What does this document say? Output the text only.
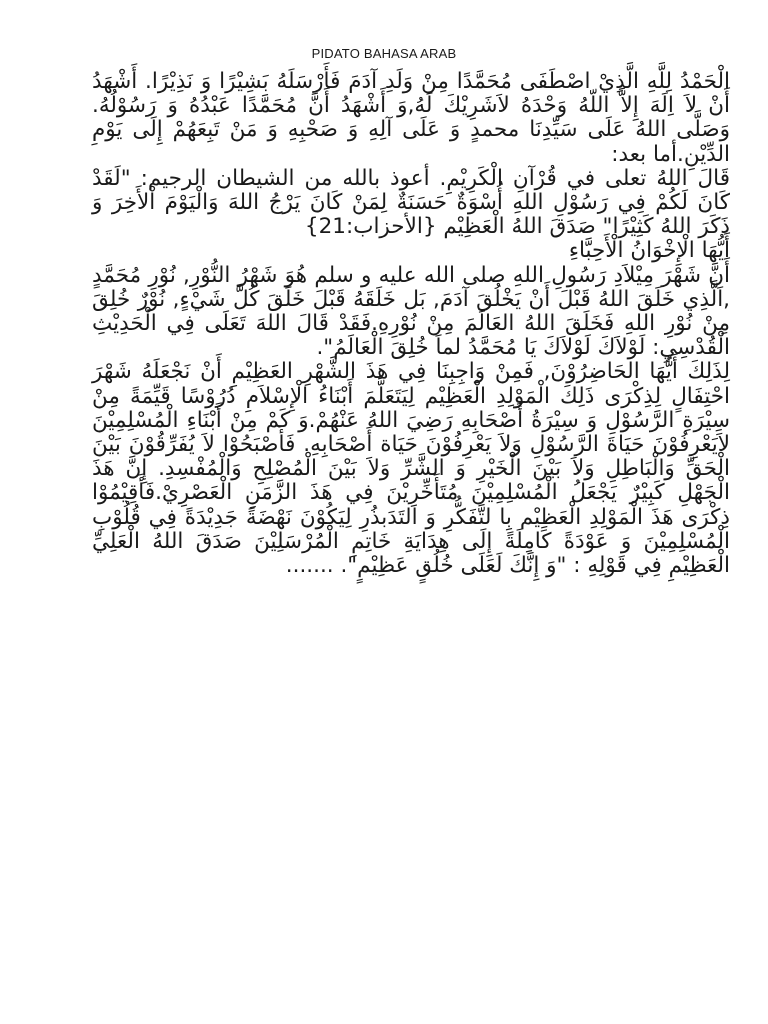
PIDATO BAHASA ARAB

الْحَمْدُ لِلَّهِ الَّذِيْ اصْطَفَى مُحَمَّدًا مِنْ وَلَدِ آدَمَ فَأَرْسَلَهُ بَشِيْرًا وَ نَذِيْرًا. أَشْهَدُ أَنْ لاَ اِلَهَ إِلاَّ اللّهُ وَحْدَهُ لاَشَرِيْكَ لَهُ,وَ أَشْهَدُ أَنَّ مُحَمَّدًا عَبْدُهُ وَ رَسُوْلُهُ. وَصَلَّى اللهُ عَلَى سَيِّدِنَا محمدٍ وَ عَلَى آلِهِ وَ صَحْبِهِ وَ مَنْ تَبِعَهُمْ إِلَى يَوْمِ الدِّيْنِ.أما بعد:

قَالَ اللهُ تعلى في قُرْآنِ الْكَرِيْمِ. أعوذ بالله من الشيطان الرجيم: "لَقَدْ كَانَ لَكُمْ فِي رَسُوْلِ اللهِ أُسْوَةٌ حَسَنَةٌ لِمَنْ كَانَ يَرْجُ اللهَ وَالْيَوْمَ اْلأَخِرَ وَ ذَكَرَ اللهُ كَثِيْرًا" صَدَقَ اللهُ الْعَظِيْم {الأحزاب:21}

أَيُّهَا الْإِخْوَانُ الْأَحِبَّاءِ

أَنَّ شَهْرَ مِيْلاَدِ رَسُولِ اللهِ صلى الله عليه و سلم هُوَ شَهْرُ النُّوْرِ, نُوْرِ مُحَمَّدٍ ,اَلَّذِي خَلَقَ اللهُ قَبْلَ أَنْ يَخْلُقَ آدَمَ, بَل خَلَقَهُ قَبْلَ خَلَقَ كُلَّ شَيْءٍ, نُوْرٌ خُلِقَ مِنْ نُوْرِ اللهِ فَخَلَقَ اللهُ العَالَمَ مِنْ نُوْرِهِ.فَقَدْ قَالَ اللهَ تَعَلَى فِي الْحَدِيْثِ الْقُدْسِيِ: لَوْلاَكَ لَوْلاَكَ يَا مُحَمَّدُ لماَ خُلِقَ الْعَالَمُ".

لِذَلِكَ أَيُّهَا الحَاضِرُوْنَ, فَمِنْ وَاجِبِنَا فِي هَذَ الشَّهْرِ العَظِيْمِ أَنْ نَجْعَلَهُ شَهْرَ احْتِفَالٍ لِذِكْرَى ذَلِكَ الْمَوْلِدِ الْعَظِيْم لِيَتَعَلَّمَ أَبْنَاءُ الْإِسْلاَمِ دُرُوْسًا قَيِّمَةً مِنْ سِيْرَةِ الرَّسُوْلِ وَ سِيْرَةُ أَصْحَابِهِ رَضِيَ اللهُ عَنْهُمْ.وَ كَمْ مِنْ أَبْنَاءِ الْمُسْلِمِيْنَ لاَيَعْرِفُوْنَ حَيَاةَ الرَّسُوْلِ وَلاَ يَعْرِفُوْنَ حَيَاة أَصْحَابِهِ. فَأَصْبَحُوْا لاَ يُفَرِّقُوْنَ بَيْنَ الْحَقِّ وَالْبَاطِلِ وَلاَ بَيْنَ الْخَيْرِ وَ الشَّرِّ وَلاَ بَيْنَ الْمُصْلِحِ وَالْمُفْسِدِ. إِنَّ هَذَ الْجَهْلِ كَبِيْرٌ يَجْعَلُ الْمُسْلِمِيْنَ مُتَأَخِّرِيْنَ فِي هَذَ الزَّمَنِ الْعَصْرِيْ.فَأَقِيْمُوْا ذِكْرَى هَذَ الْمَوْلِدِ الْعَظِيْم بِا لتَّفَكُّرِ وَ التَدَبذُرِ لِيَكُوْنَ نَهْضَةً جَدِيْدَةً فِي قُلُوْبِ الْمُسْلِمِيْنَ وَ عَوْدَةً كَامِلَةً إِلَى هِدَايَةِ خَاتِمِ الْمُرْسَلِيْنَ صَدَقَ اللهُ الْعَلِيِّ الْعَظِيْمِ فِي قَوْلِهِ : "وَ إِنَّكَ لَعَلَى خُلُقٍ عَظِيْمٍ". .......
